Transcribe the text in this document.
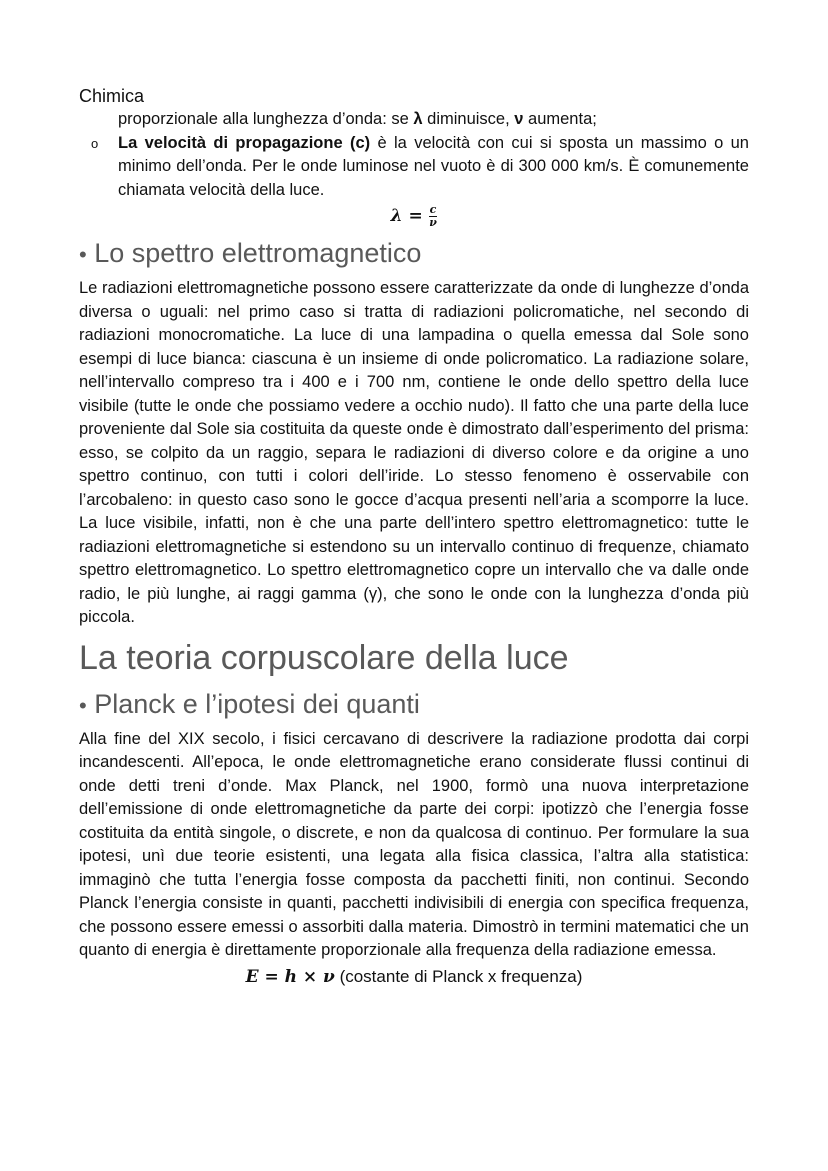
Chimica
proporzionale alla lunghezza d’onda: se λ diminuisce, ν aumenta;
o La velocità di propagazione (c) è la velocità con cui si sposta un massimo o un minimo dell’onda. Per le onde luminose nel vuoto è di 300 000 km/s. È comunemente chiamata velocità della luce.
$\lambda = \frac{c}{\nu}$
• Lo spettro elettromagnetico

Le radiazioni elettromagnetiche possono essere caratterizzate da onde di lunghezze d’onda diversa o uguali: nel primo caso si tratta di radiazioni policromatiche, nel secondo di radiazioni monocromatiche. La luce di una lampadina o quella emessa dal Sole sono esempi di luce bianca: ciascuna è un insieme di onde policromatico. La radiazione solare, nell’intervallo compreso tra i 400 e i 700 nm, contiene le onde dello spettro della luce visibile (tutte le onde che possiamo vedere a occhio nudo). Il fatto che una parte della luce proveniente dal Sole sia costituita da queste onde è dimostrato dall’esperimento del prisma: esso, se colpito da un raggio, separa le radiazioni di diverso colore e da origine a uno spettro continuo, con tutti i colori dell’iride. Lo stesso fenomeno è osservabile con l’arcobaleno: in questo caso sono le gocce d’acqua presenti nell’aria a scomporre la luce. La luce visibile, infatti, non è che una parte dell’intero spettro elettromagnetico: tutte le radiazioni elettromagnetiche si estendono su un intervallo continuo di frequenze, chiamato spettro elettromagnetico. Lo spettro elettromagnetico copre un intervallo che va dalle onde radio, le più lunghe, ai raggi gamma (γ), che sono le onde con la lunghezza d’onda più piccola.

La teoria corpuscolare della luce
• Planck e l’ipotesi dei quanti

Alla fine del XIX secolo, i fisici cercavano di descrivere la radiazione prodotta dai corpi incandescenti. All’epoca, le onde elettromagnetiche erano considerate flussi continui di onde detti treni d’onde. Max Planck, nel 1900, formò una nuova interpretazione dell’emissione di onde elettromagnetiche da parte dei corpi: ipotizzò che l’energia fosse costituita da entità singole, o discrete, e non da qualcosa di continuo. Per formulare la sua ipotesi, unì due teorie esistenti, una legata alla fisica classica, l’altra alla statistica: immaginò che tutta l’energia fosse composta da pacchetti finiti, non continui. Secondo Planck l’energia consiste in quanti, pacchetti indivisibili di energia con specifica frequenza, che possono essere emessi o assorbiti dalla materia. Dimostrò in termini matematici che un quanto di energia è direttamente proporzionale alla frequenza della radiazione emessa.

E = h × ν (costante di Planck x frequenza)
